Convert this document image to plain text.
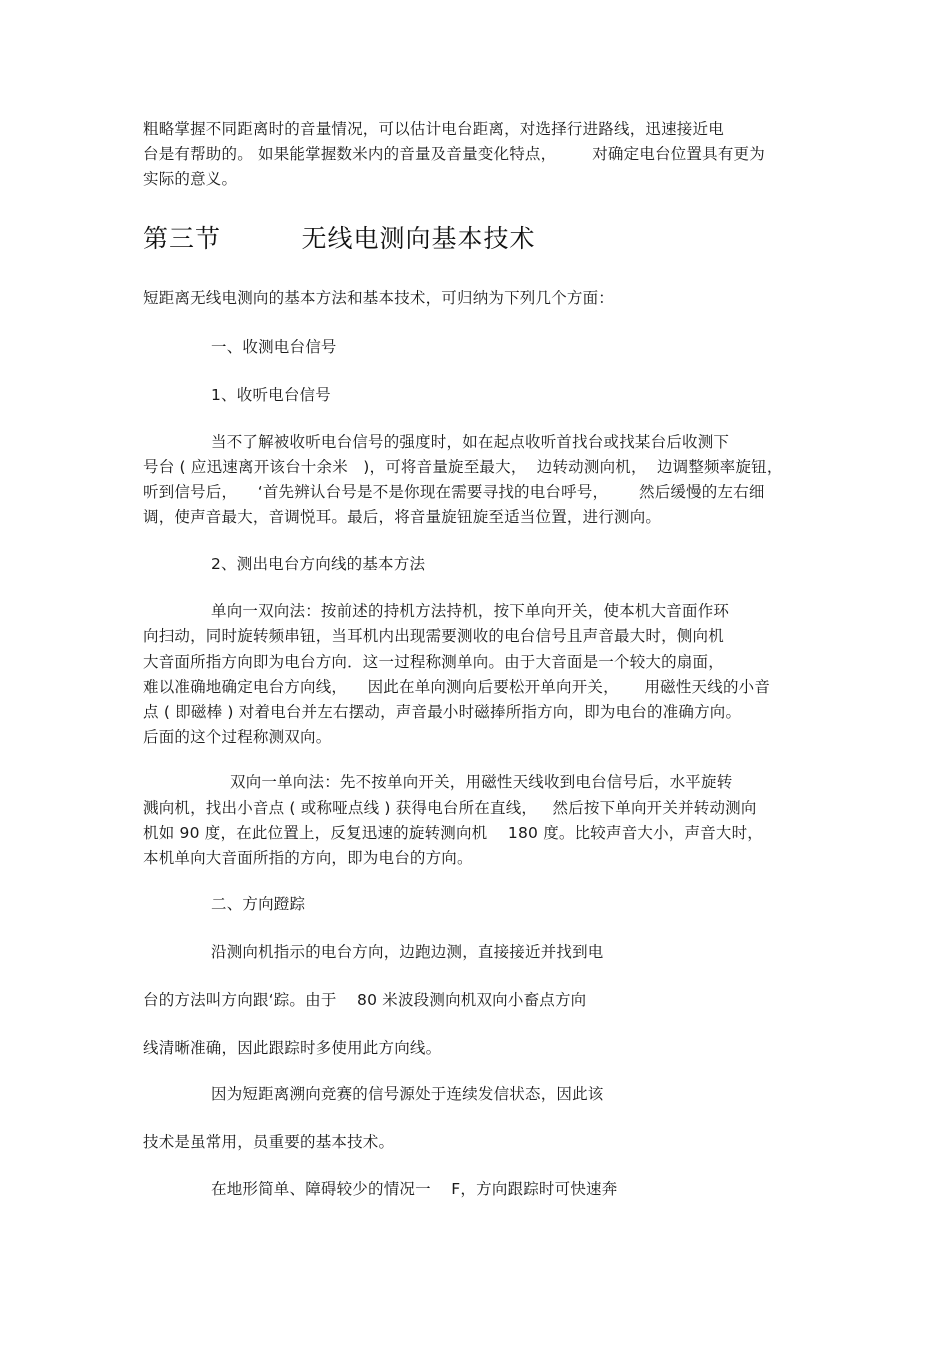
粗略掌握不同距离时的音量情况，可以估计电台距离，对选择行进路线，迅速接近电
台是有帮助的。 如果能掌握数米内的音量及音量变化特点，       对确定电台位置具有更为
实际的意义。
第三节         无线电测向基本技术
短距离无线电测向的基本方法和基本技术，可归纳为下列几个方面：
一、收测电台信号
1、收听电台信号
当不了解被收听电台信号的强度时，如在起点收听首找台或找某台后收测下
号台 ( 应迅速离开该台十余米   )，可将音量旋至最大，  边转动测向机，  边调整频率旋钮，
听到信号后，    ‘首先辨认台号是不是你现在需要寻找的电台呼号，      然后缓慢的左右细
调，使声音最大，音调悦耳。最后，将音量旋钮旋至适当位置，进行测向。
2、测出电台方向线的基本方法
单向一双向法：按前述的持机方法持机，按下单向开关，使本机大音面作环
向扫动，同时旋转频串钮，当耳机内出现需要测收的电台信号且声音最大时，侧向机
大音面所指方向即为电台方向．这一过程称测单向。由于大音面是一个较大的扇面，
难以准确地确定电台方向线，    因此在单向测向后要松开单向开关，     用磁性天线的小音
点 ( 即磁棒 ) 对着电台并左右摆动，声音最小时磁捧所指方向，即为电台的准确方向。
后面的这个过程称测双向。
双向一单向法：先不按单向开关，用磁性天线收到电台信号后，水平旋转
溅向机，找出小音点 ( 或称哑点线 ) 获得电台所在直线，   然后按下单向开关并转动测向
机如 90 度，在此位置上，反复迅速的旋转测向机    180 度。比较声音大小，声音大时，
本机单向大音面所指的方向，即为电台的方向。
二、方向蹬踪
沿测向机指示的电台方向，边跑边测，直接接近并找到电
台的方法叫方向跟‘踪。由于    80 米波段测向机双向小畜点方向
线清晰准确，因此跟踪时多使用此方向线。
因为短距离溯向竞赛的信号源处于连续发信状态，因此该
技术是虽常用，员重要的基本技术。
在地形简单、障碍较少的情况一    F，方向跟踪时可快速奔
